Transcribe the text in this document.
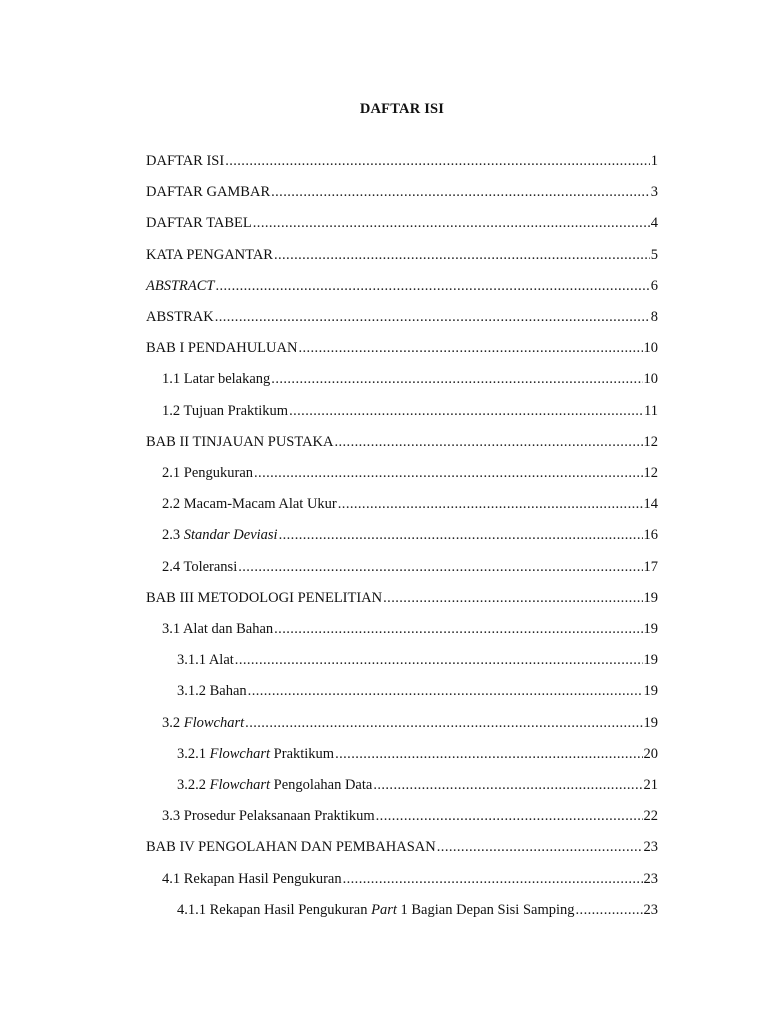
DAFTAR ISI
DAFTAR ISI .....	1
DAFTAR GAMBAR .....	3
DAFTAR TABEL .....	4
KATA PENGANTAR .....	5
ABSTRACT .....	6
ABSTRAK .....	8
BAB I PENDAHULUAN .....	10
1.1 Latar belakang .....	10
1.2 Tujuan Praktikum .....	11
BAB II TINJAUAN PUSTAKA .....	12
2.1 Pengukuran .....	12
2.2 Macam-Macam Alat Ukur .....	14
2.3 Standar Deviasi .....	16
2.4 Toleransi .....	17
BAB III METODOLOGI PENELITIAN .....	19
3.1 Alat dan Bahan .....	19
3.1.1 Alat .....	19
3.1.2 Bahan .....	19
3.2 Flowchart .....	19
3.2.1 Flowchart Praktikum .....	20
3.2.2 Flowchart Pengolahan Data .....	21
3.3 Prosedur Pelaksanaan Praktikum .....	22
BAB IV PENGOLAHAN DAN PEMBAHASAN .....	23
4.1 Rekapan Hasil Pengukuran .....	23
4.1.1 Rekapan Hasil Pengukuran Part 1 Bagian Depan Sisi Samping .....	23
